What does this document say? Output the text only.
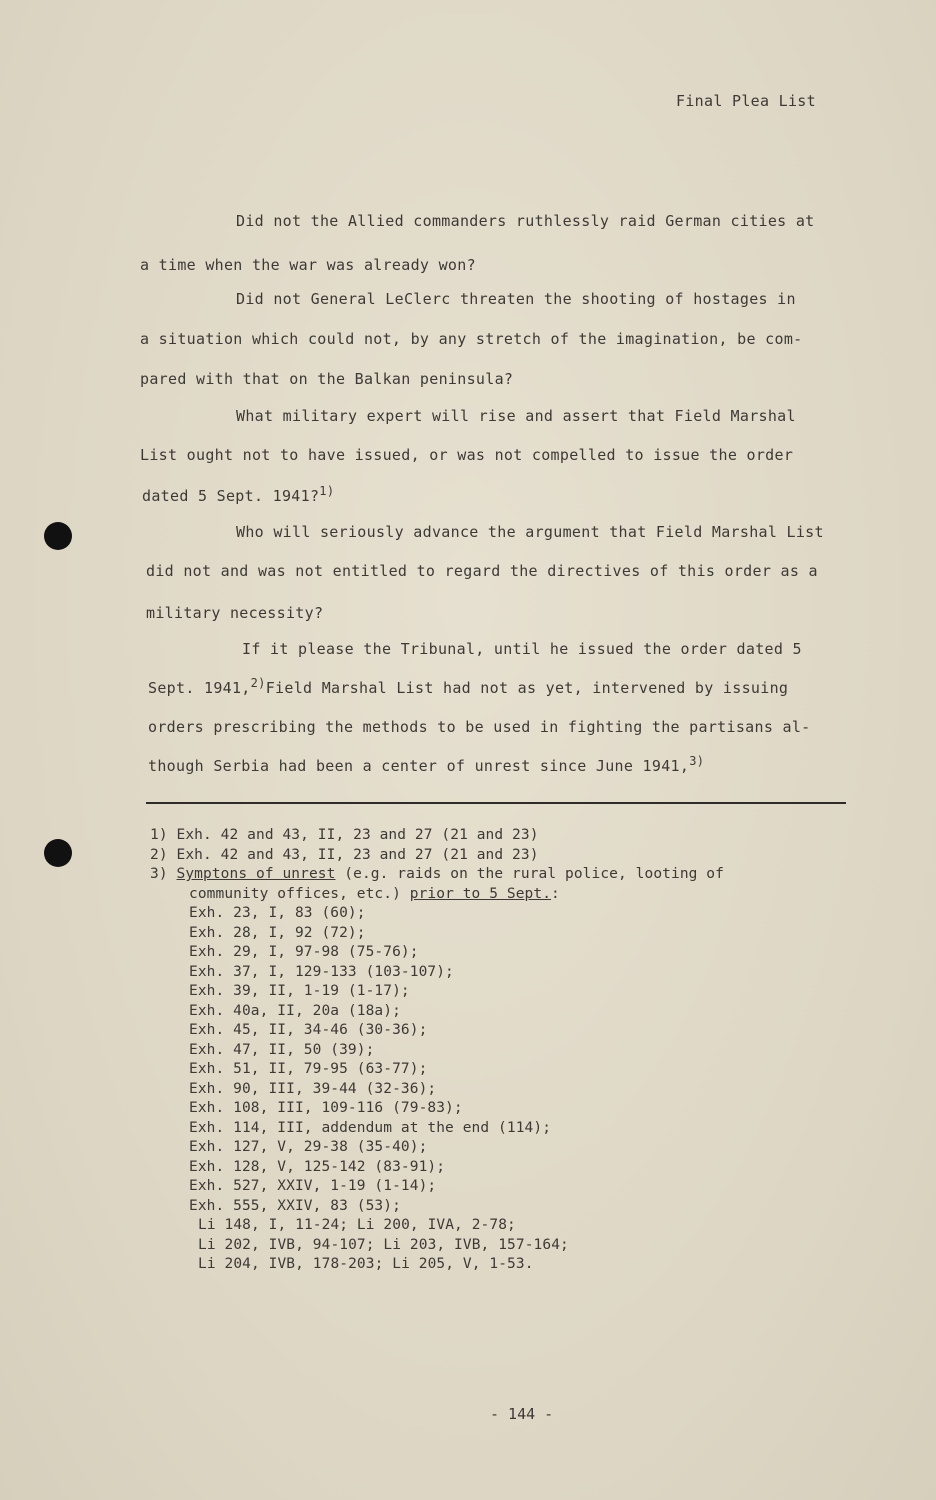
Final Plea List
Did not the Allied commanders ruthlessly raid German cities at
a time when the war was already won?
Did not General LeClerc threaten the shooting of hostages in
a situation which could not, by any stretch of the imagination, be com-
pared with that on the Balkan peninsula?
What military expert will rise and assert that Field Marshal
List ought not to have issued, or was not compelled to issue the order
dated 5 Sept. 1941?$^{1)}$
Who will seriously advance the argument that Field Marshal List
did not and was not entitled to regard the directives of this order as a
military necessity?
If it please the Tribunal, until he issued the order dated 5
Sept. 1941,$^{2)}$Field Marshal List had not as yet, intervened by issuing
orders prescribing the methods to be used in fighting the partisans al-
though Serbia had been a center of unrest since June 1941,$^{3)}$
1) Exh. 42 and 43, II, 23 and 27 (21 and 23)
2) Exh. 42 and 43, II, 23 and 27 (21 and 23)
3) Symptons of unrest (e.g. raids on the rural police, looting of
community offices, etc.) prior to 5 Sept.:
Exh. 23, I, 83 (60);
Exh. 28, I, 92 (72);
Exh. 29, I, 97-98 (75-76);
Exh. 37, I, 129-133 (103-107);
Exh. 39, II, 1-19 (1-17);
Exh. 40a, II, 20a (18a);
Exh. 45, II, 34-46 (30-36);
Exh. 47, II, 50 (39);
Exh. 51, II, 79-95 (63-77);
Exh. 90, III, 39-44 (32-36);
Exh. 108, III, 109-116 (79-83);
Exh. 114, III, addendum at the end (114);
Exh. 127, V, 29-38 (35-40);
Exh. 128, V, 125-142 (83-91);
Exh. 527, XXIV, 1-19 (1-14);
Exh. 555, XXIV, 83 (53);
Li 148, I, 11-24; Li 200, IVA, 2-78;
Li 202, IVB, 94-107; Li 203, IVB, 157-164;
Li 204, IVB, 178-203; Li 205, V, 1-53.
- 144 -
